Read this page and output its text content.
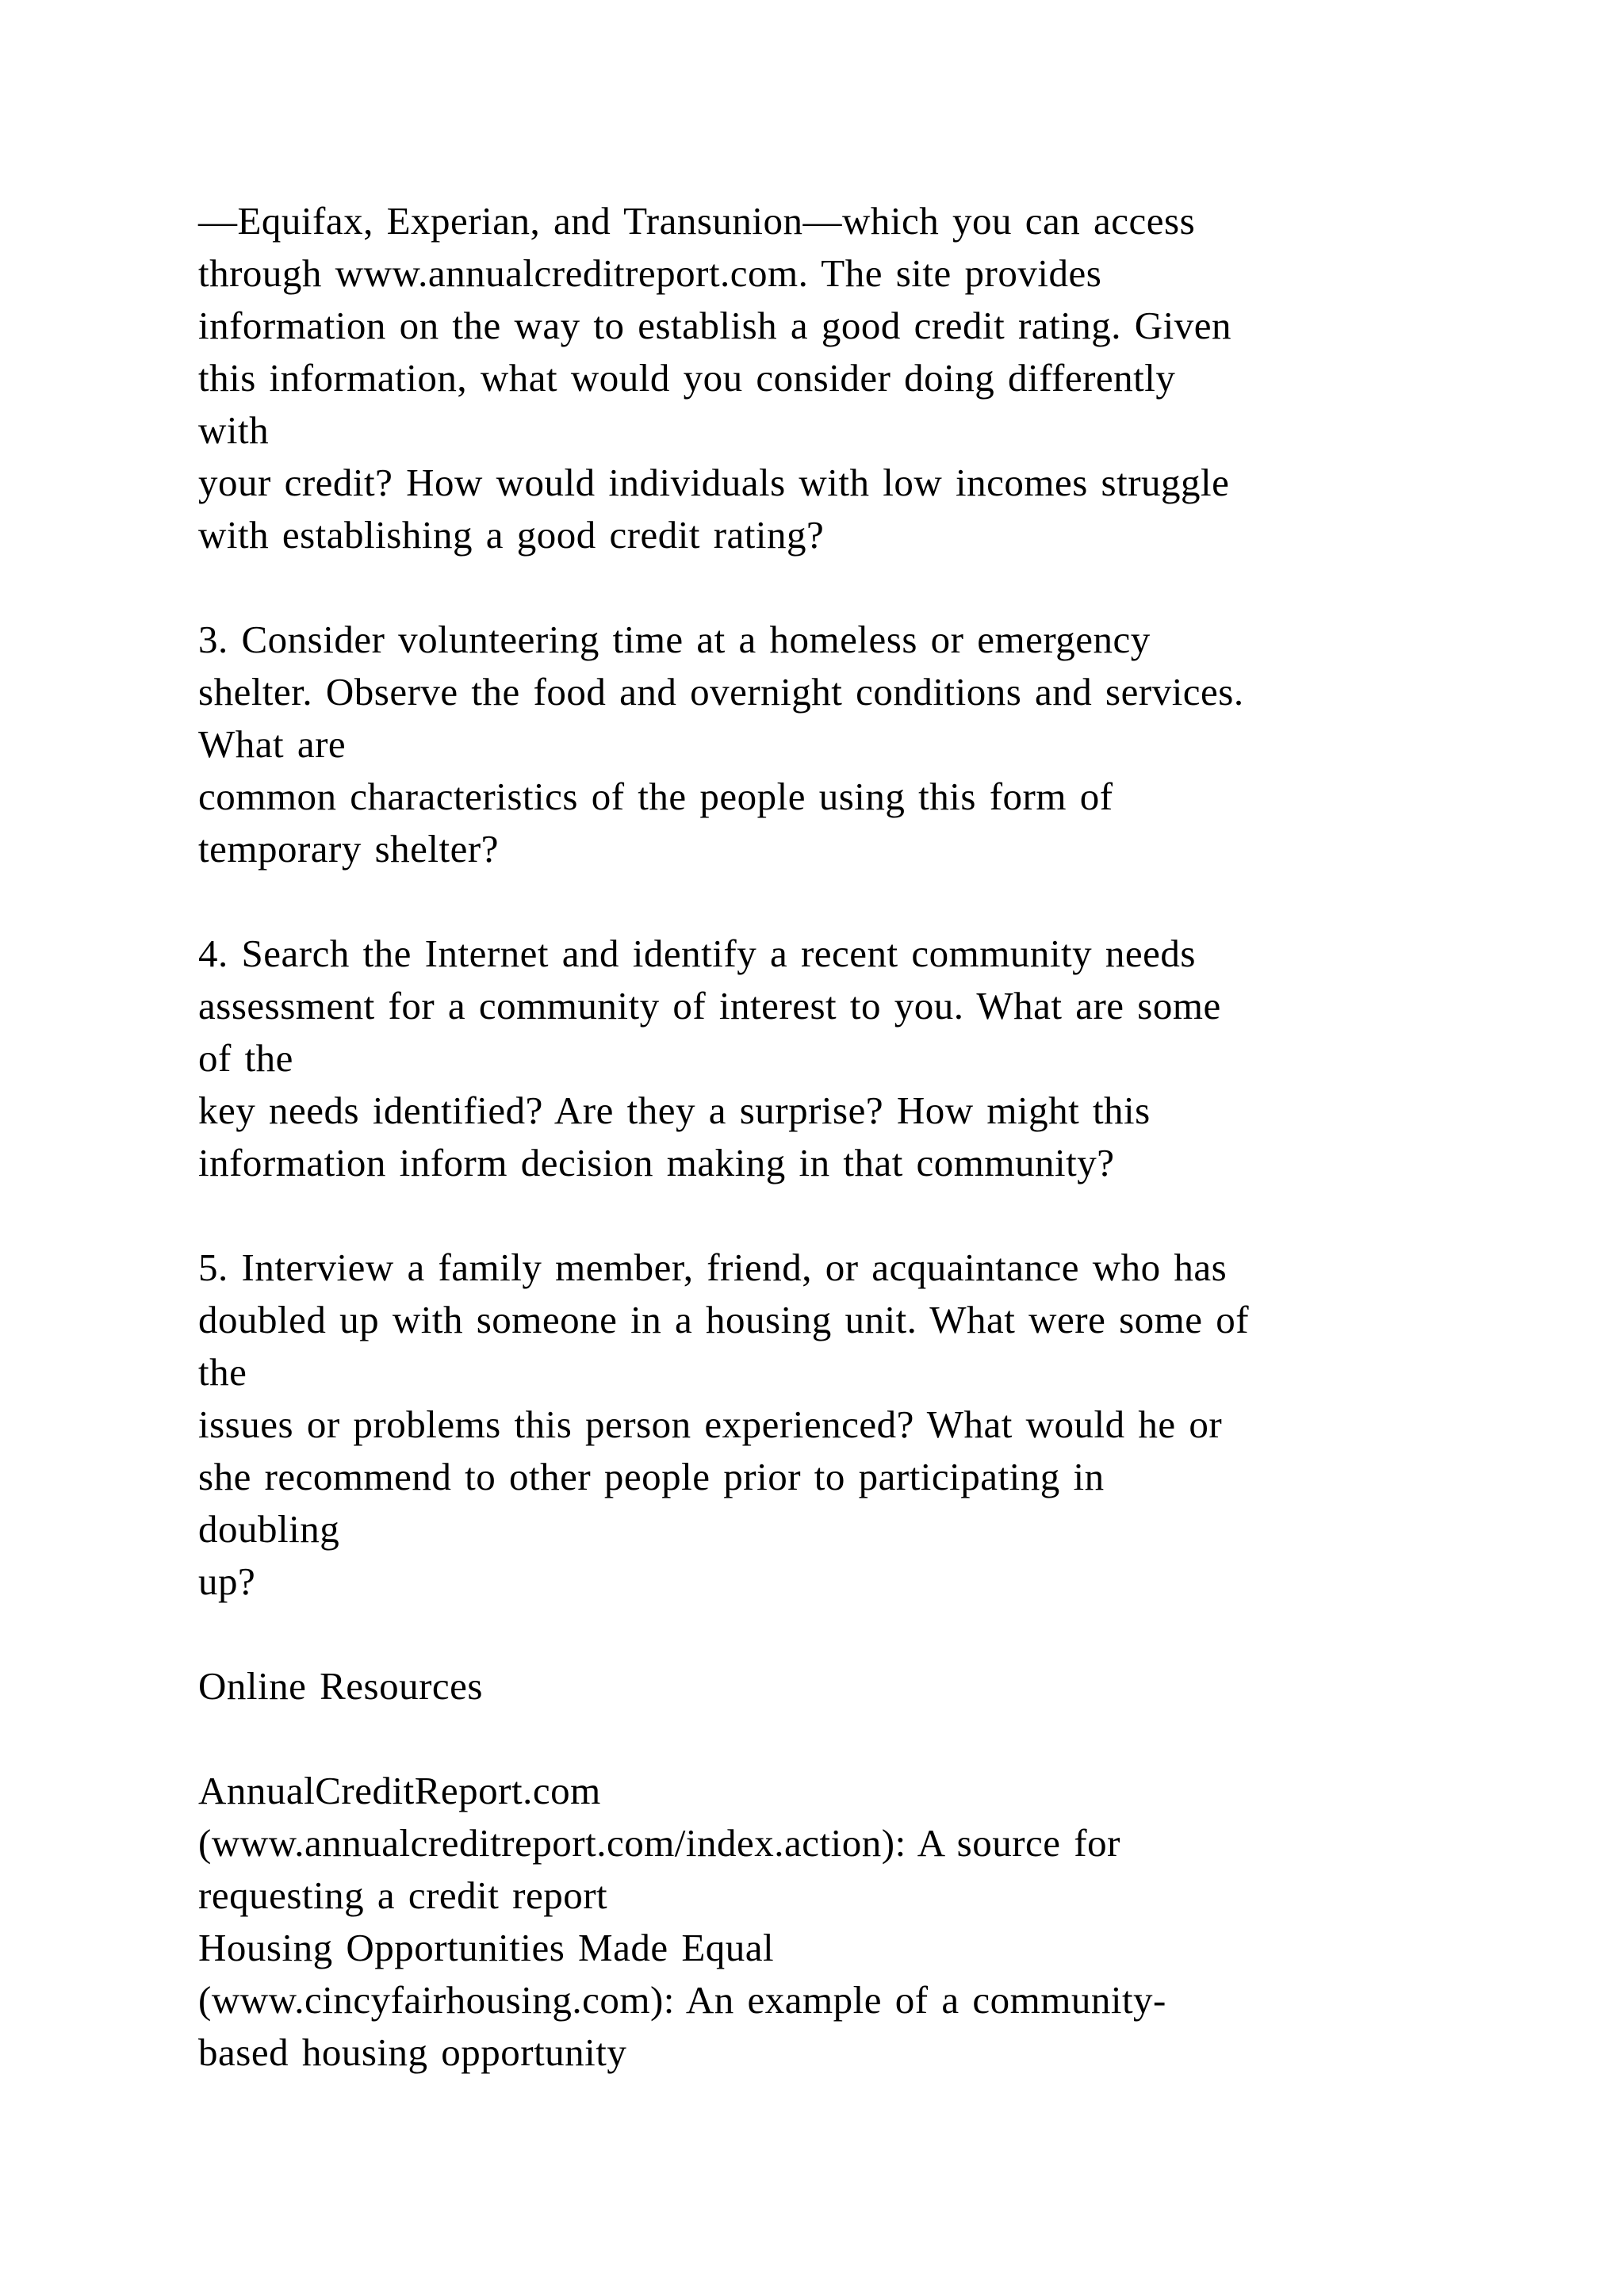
—Equifax, Experian, and Transunion—which you can access
through www.annualcreditreport.com. The site provides
information on the way to establish a good credit rating. Given
this information, what would you consider doing differently
with
your credit? How would individuals with low incomes struggle
with establishing a good credit rating?
3. Consider volunteering time at a homeless or emergency
shelter. Observe the food and overnight conditions and services.
What are
common characteristics of the people using this form of
temporary shelter?
4. Search the Internet and identify a recent community needs
assessment for a community of interest to you. What are some
of the
key needs identified? Are they a surprise? How might this
information inform decision making in that community?
5. Interview a family member, friend, or acquaintance who has
doubled up with someone in a housing unit. What were some of
the
issues or problems this person experienced? What would he or
she recommend to other people prior to participating in
doubling
up?
Online Resources
AnnualCreditReport.com
(www.annualcreditreport.com/index.action): A source for
requesting a credit report
Housing Opportunities Made Equal
(www.cincyfairhousing.com): An example of a community-
based housing opportunity
